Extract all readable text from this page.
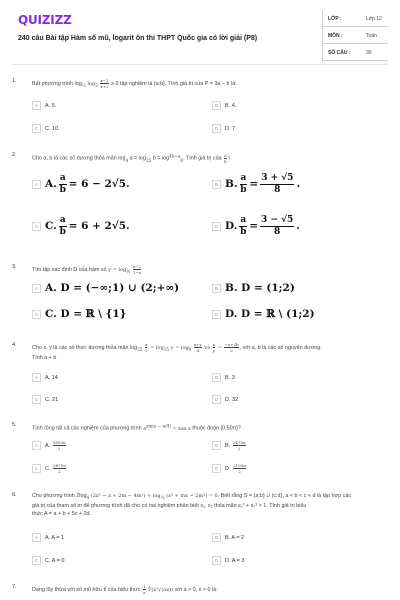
QUIZIZZ
240 câu Bài tập Hàm số mũ, logarit ôn thi THPT Quốc gia có lời giải (P8)
LỚP :	Lớp 12
MÔN :	Toán
SỐ CÂU :	30
1.	Bất phương trình $\log_{\frac{1}{3}} \log_3 \frac{x-2}{x+2} \ge 0$ tập nghiệm là (a;b]. Tính giá trị của P = 3a − b là:
A	A. 5.	B	B. 4.
C	C. 10.	D	D. 7.
2.
Cho a, b là các số dương thỏa mãn $\log_4 a = \log_{25} b = \log^{4b-a}_6$. Tính giá trị của $\frac{a}{b}$ ?
A A. $\frac{a}{b} = 6 - 2√5$.	B B. $\frac{a}{b} = \frac{3 + √5}{8}$ .
C C. $\frac{a}{b} = 6 + 2√5$.	D D. $\frac{a}{b} = \frac{3 - √5}{8}$ .
3.	Tìm tập xác định D của hàm số $y = \log_{\frac{1}{2}} \frac{x-2}{1-x}$
A A. D = (−∞;1) ∪ (2;+∞)	B B. D = (1;2)
C C. D = ℝ \ {1}	D D. D = ℝ \ (1;2)
4.	Cho x, y là các số thực dương thỏa mãn $\log_{25} \frac{x}{2} = \log_{15} y = \log_9 \frac{x+y}{4}$ và $\frac{x}{y} = \frac{-a+√b}{2}$ , với a, b là các số nguyên dương.
Tính a + b
A	A. 14	B	B. 3
C	C. 21	D	D. 32
5.
Tính tổng tất cả các nghiệm của phương trình $e^{sin(x - \pi/4)} = \tan x$ thuộc đoạn [0;50π]?
A	A.
$\frac{1853\pi}{2}$	B	B.
$\frac{2475\pi}{2}$
C	C.
$\frac{2671\pi}{2}$	D	D.
$\frac{2105\pi}{2}$
6.	Cho phương trình $2\log_4$ $(2x^2 - x + 2m - 4m^2) + \log_{\frac{1}{2}} (x^2$ + mx − 2m²) = 0. Biết rằng S = (a;b) ∪ (c;d), a < b < c < d là tập hợp các
giá trị của tham số m để phương trình đã cho có hai nghiệm phân biệt x₁, x₂ thỏa mãn x₁² + x₂² > 1. Tính giá trị biểu
thức A = a + b + 5c + 2d.
A	A. A = 1	B	B. A = 2
C	C. A = 0	D	D. A = 3
7.	Dạng lũy thừa với số mũ hữu tỉ của biểu thức $\frac{1}{a}$ ∜(x³√(ax)) với a > 0, x > 0 là:
